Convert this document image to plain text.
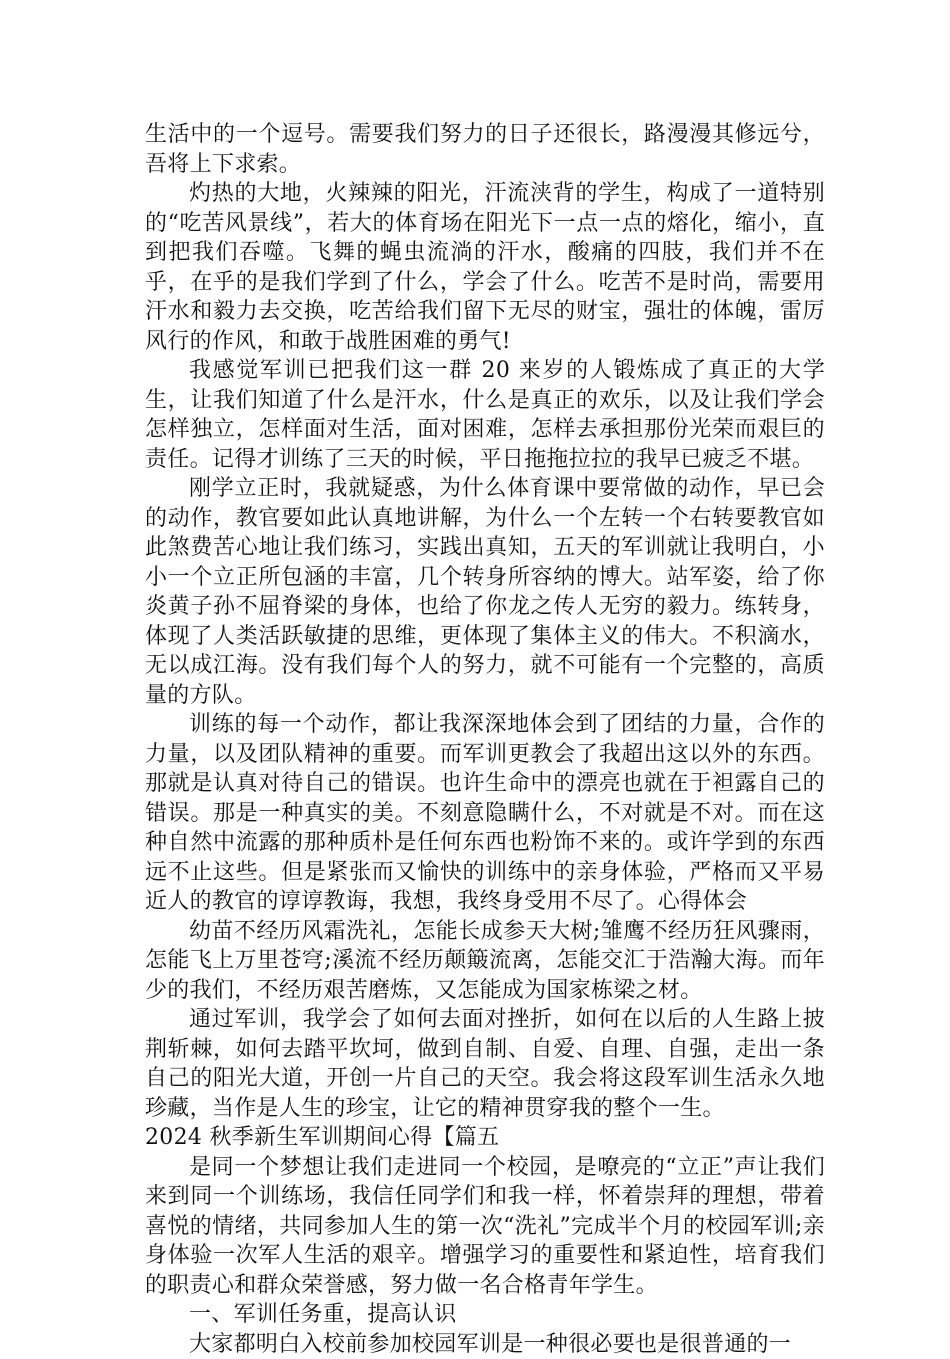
生活中的一个逗号。需要我们努力的日子还很长，路漫漫其修远兮，吾将上下求索。

灼热的大地，火辣辣的阳光，汗流浃背的学生，构成了一道特别的“吃苦风景线”，若大的体育场在阳光下一点一点的熔化，缩小，直到把我们吞噬。飞舞的蝇虫流淌的汗水，酸痛的四肢，我们并不在乎，在乎的是我们学到了什么，学会了什么。吃苦不是时尚，需要用汗水和毅力去交换，吃苦给我们留下无尽的财宝，强壮的体魄，雷厉风行的作风，和敢于战胜困难的勇气!

我感觉军训已把我们这一群 20 来岁的人锻炼成了真正的大学生，让我们知道了什么是汗水，什么是真正的欢乐，以及让我们学会怎样独立，怎样面对生活，面对困难，怎样去承担那份光荣而艰巨的责任。记得才训练了三天的时候，平日拖拖拉拉的我早已疲乏不堪。

刚学立正时，我就疑惑，为什么体育课中要常做的动作，早已会的动作，教官要如此认真地讲解，为什么一个左转一个右转要教官如此煞费苦心地让我们练习，实践出真知，五天的军训就让我明白，小小一个立正所包涵的丰富，几个转身所容纳的博大。站军姿，给了你炎黄子孙不屈脊梁的身体，也给了你龙之传人无穷的毅力。练转身，体现了人类活跃敏捷的思维，更体现了集体主义的伟大。不积滴水，无以成江海。没有我们每个人的努力，就不可能有一个完整的，高质量的方队。

训练的每一个动作，都让我深深地体会到了团结的力量，合作的力量，以及团队精神的重要。而军训更教会了我超出这以外的东西。那就是认真对待自己的错误。也许生命中的漂亮也就在于袒露自己的错误。那是一种真实的美。不刻意隐瞒什么，不对就是不对。而在这种自然中流露的那种质朴是任何东西也粉饰不来的。或许学到的东西远不止这些。但是紧张而又愉快的训练中的亲身体验，严格而又平易近人的教官的谆谆教诲，我想，我终身受用不尽了。心得体会

幼苗不经历风霜洗礼，怎能长成参天大树;雏鹰不经历狂风骤雨，怎能飞上万里苍穹;溪流不经历颠簸流离，怎能交汇于浩瀚大海。而年少的我们，不经历艰苦磨炼，又怎能成为国家栋梁之材。

通过军训，我学会了如何去面对挫折，如何在以后的人生路上披荆斩棘，如何去踏平坎坷，做到自制、自爱、自理、自强，走出一条自己的阳光大道，开创一片自己的天空。我会将这段军训生活永久地珍藏，当作是人生的珍宝，让它的精神贯穿我的整个一生。

2024 秋季新生军训期间心得【篇五

是同一个梦想让我们走进同一个校园，是嘹亮的“立正”声让我们来到同一个训练场，我信任同学们和我一样，怀着崇拜的理想，带着喜悦的情绪，共同参加人生的第一次“洗礼”完成半个月的校园军训;亲身体验一次军人生活的艰辛。增强学习的重要性和紧迫性，培育我们的职责心和群众荣誉感，努力做一名合格青年学生。

一、军训任务重，提高认识

大家都明白入校前参加校园军训是一种很必要也是很普通的一
